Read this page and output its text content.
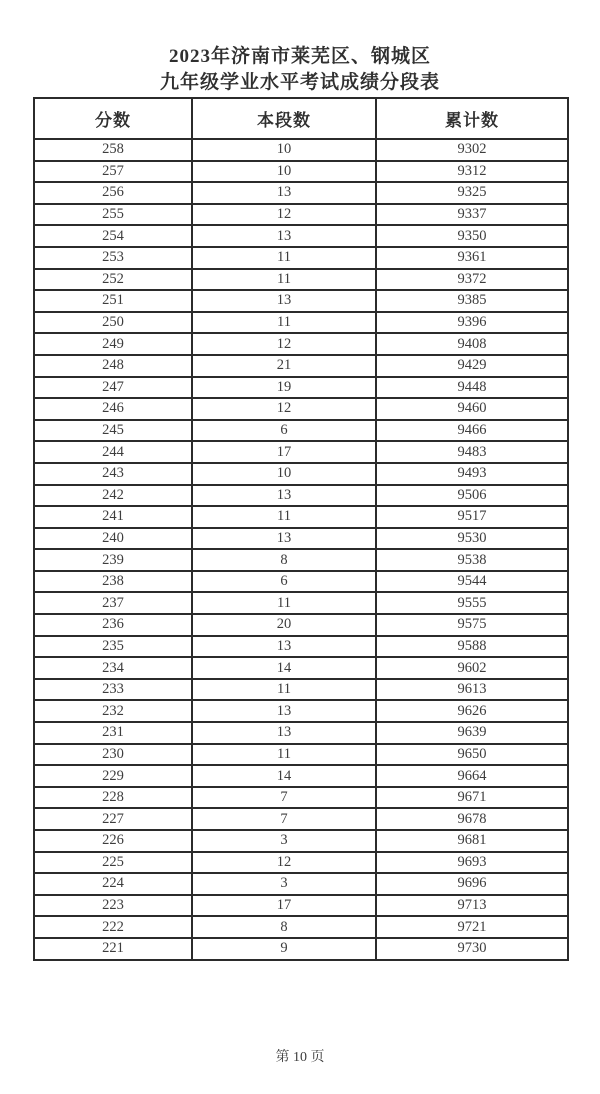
2023年济南市莱芜区、钢城区
九年级学业水平考试成绩分段表
分数	本段数	累计数
258	10	9302
257	10	9312
256	13	9325
255	12	9337
254	13	9350
253	11	9361
252	11	9372
251	13	9385
250	11	9396
249	12	9408
248	21	9429
247	19	9448
246	12	9460
245	6	9466
244	17	9483
243	10	9493
242	13	9506
241	11	9517
240	13	9530
239	8	9538
238	6	9544
237	11	9555
236	20	9575
235	13	9588
234	14	9602
233	11	9613
232	13	9626
231	13	9639
230	11	9650
229	14	9664
228	7	9671
227	7	9678
226	3	9681
225	12	9693
224	3	9696
223	17	9713
222	8	9721
221	9	9730
第 10 页
